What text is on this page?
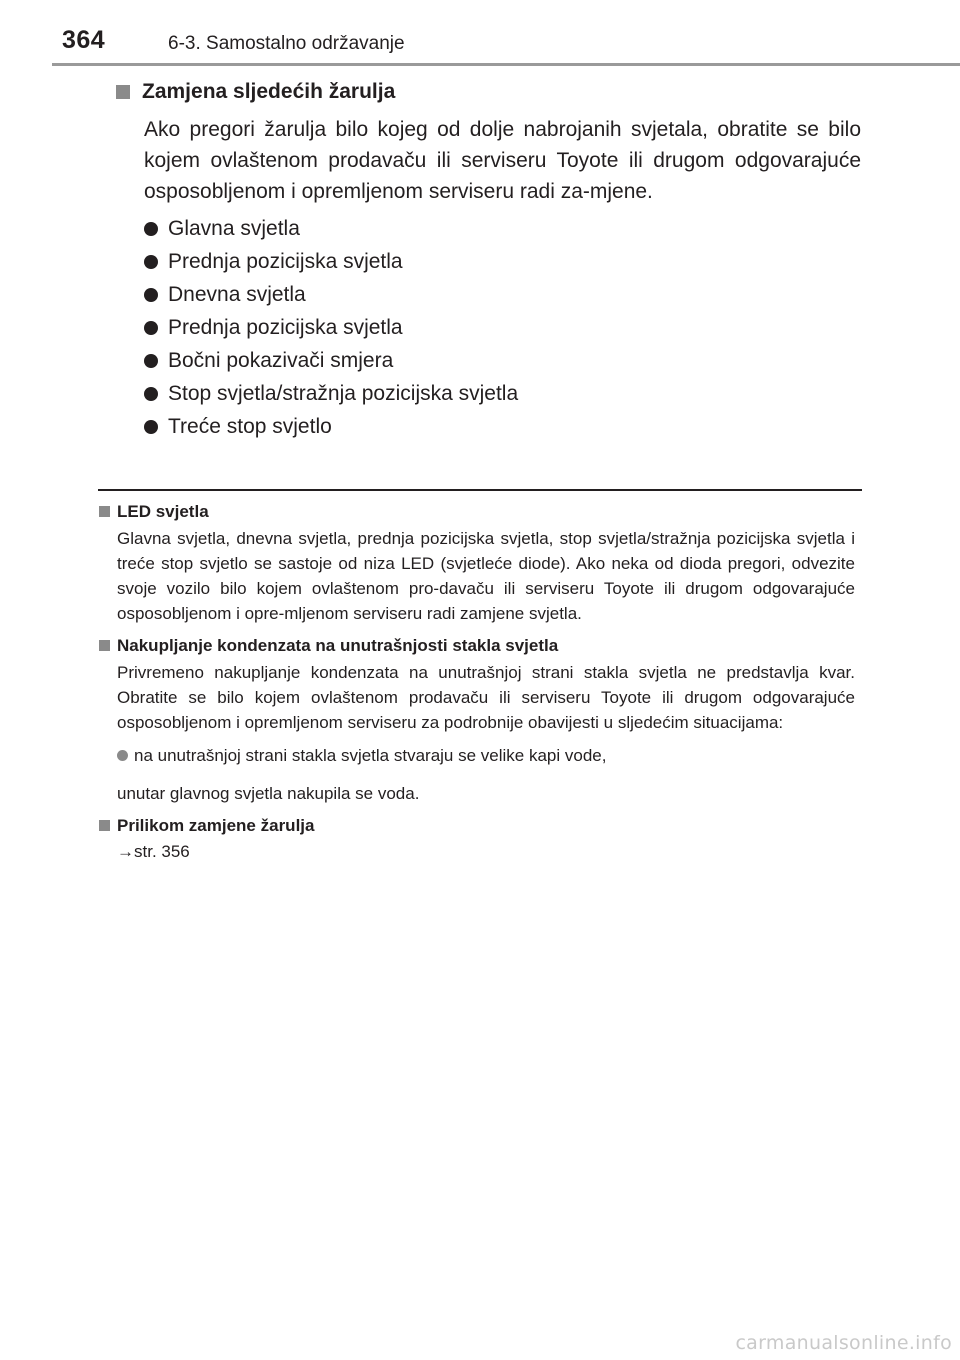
364	6-3. Samostalno održavanje
Zamjena sljedećih žarulja
Ako pregori žarulja bilo kojeg od dolje nabrojanih svjetala, obratite se bilo kojem ovlaštenom prodavaču ili serviseru Toyote ili drugom odgovarajuće osposobljenom i opremljenom serviseru radi za-mjene.
Glavna svjetla
Prednja pozicijska svjetla
Dnevna svjetla
Prednja pozicijska svjetla
Bočni pokazivači smjera
Stop svjetla/stražnja pozicijska svjetla
Treće stop svjetlo
LED svjetla
Glavna svjetla, dnevna svjetla, prednja pozicijska svjetla, stop svjetla/stražnja pozicijska svjetla i treće stop svjetlo se sastoje od niza LED (svjetleće diode). Ako neka od dioda pregori, odvezite svoje vozilo bilo kojem ovlaštenom pro-davaču ili serviseru Toyote ili drugom odgovarajuće osposobljenom i opre-mljenom serviseru radi zamjene svjetla.
Nakupljanje kondenzata na unutrašnjosti stakla svjetla
Privremeno nakupljanje kondenzata na unutrašnjoj strani stakla svjetla ne predstavlja kvar. Obratite se bilo kojem ovlaštenom prodavaču ili serviseru Toyote ili drugom odgovarajuće osposobljenom i opremljenom serviseru za podrobnije obavijesti u sljedećim situacijama:
na unutrašnjoj strani stakla svjetla stvaraju se velike kapi vode,
unutar glavnog svjetla nakupila se voda.
Prilikom zamjene žarulja
→str. 356
carmanualsonline.info
